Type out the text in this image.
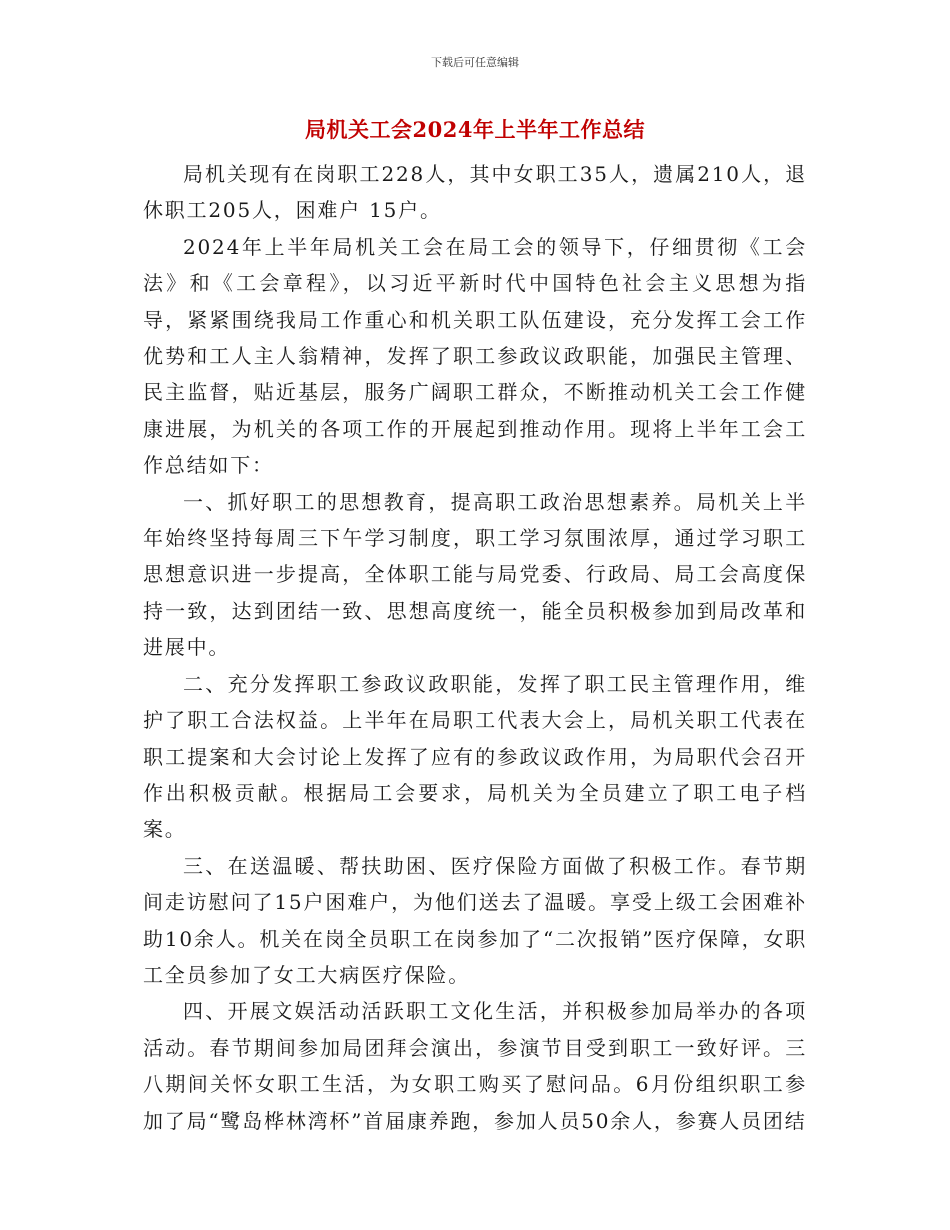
下载后可任意编辑
局机关工会2024年上半年工作总结

局机关现有在岗职工228人，其中女职工35人，遗属210人，退休职工205人，困难户 15户。

2024年上半年局机关工会在局工会的领导下，仔细贯彻《工会法》和《工会章程》，以习近平新时代中国特色社会主义思想为指导，紧紧围绕我局工作重心和机关职工队伍建设，充分发挥工会工作优势和工人主人翁精神，发挥了职工参政议政职能，加强民主管理、民主监督，贴近基层，服务广阔职工群众，不断推动机关工会工作健康进展，为机关的各项工作的开展起到推动作用。现将上半年工会工作总结如下：

一、抓好职工的思想教育，提高职工政治思想素养。局机关上半年始终坚持每周三下午学习制度，职工学习氛围浓厚，通过学习职工思想意识进一步提高，全体职工能与局党委、行政局、局工会高度保持一致，达到团结一致、思想高度统一，能全员积极参加到局改革和进展中。

二、充分发挥职工参政议政职能，发挥了职工民主管理作用，维护了职工合法权益。上半年在局职工代表大会上，局机关职工代表在职工提案和大会讨论上发挥了应有的参政议政作用，为局职代会召开作出积极贡献。根据局工会要求，局机关为全员建立了职工电子档案。

三、在送温暖、帮扶助困、医疗保险方面做了积极工作。春节期间走访慰问了15户困难户，为他们送去了温暖。享受上级工会困难补助10余人。机关在岗全员职工在岗参加了“二次报销”医疗保障，女职工全员参加了女工大病医疗保险。

四、开展文娱活动活跃职工文化生活，并积极参加局举办的各项活动。春节期间参加局团拜会演出，参演节目受到职工一致好评。三八期间关怀女职工生活，为女职工购买了慰问品。6月份组织职工参加了局“鹭岛桦林湾杯”首届康养跑，参加人员50余人，参赛人员团结
